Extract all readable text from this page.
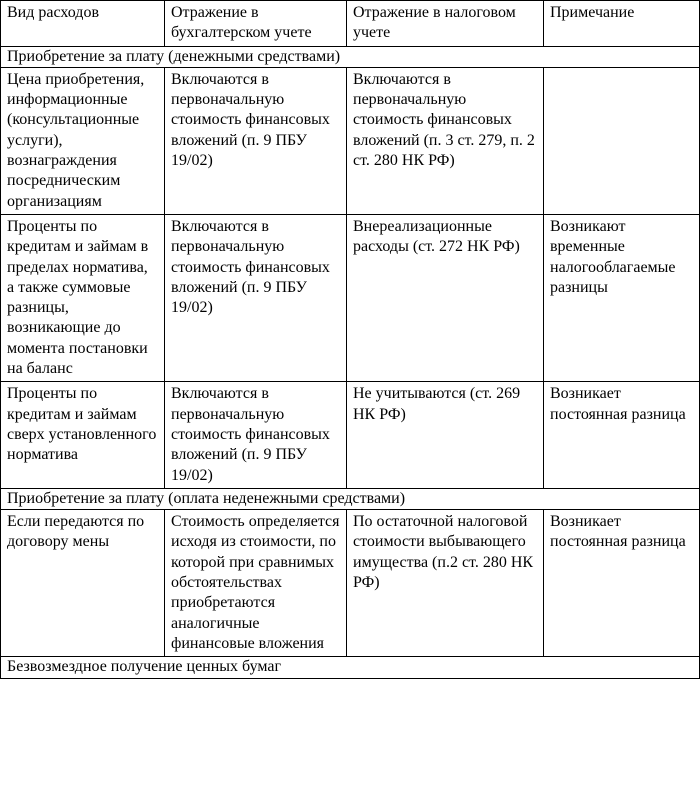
Вид расходов	Отражение в бухгалтерском учете	Отражение в налоговом учете	Примечание
Приобретение за плату (денежными средствами)			
Цена приобретения, информационные (консультационные услуги), вознаграждения посредническим организациям	Включаются в первоначальную стоимость финансовых вложений (п. 9 ПБУ 19/02)	Включаются в первоначальную стоимость финансовых вложений (п. 3 ст. 279, п. 2 ст. 280 НК РФ)	
Проценты по кредитам и займам в пределах норматива, а также суммовые разницы, возникающие до момента постановки на баланс	Включаются в первоначальную стоимость финансовых вложений (п. 9 ПБУ 19/02)	Внереализационные расходы (ст. 272 НК РФ)	Возникают временные налогооблагаемые разницы
Проценты по кредитам и займам сверх установленного норматива	Включаются в первоначальную стоимость финансовых вложений (п. 9 ПБУ 19/02)	Не учитываются (ст. 269 НК РФ)	Возникает постоянная разница
Приобретение за плату (оплата неденежными средствами)			
Если передаются по договору мены	Стоимость определяется исходя из стоимости, по которой при сравнимых обстоятельствах приобретаются аналогичные финансовые вложения	По остаточной налоговой стоимости выбывающего имущества (п.2 ст. 280 НК РФ)	Возникает постоянная разница
Безвозмездное получение ценных бумаг			
